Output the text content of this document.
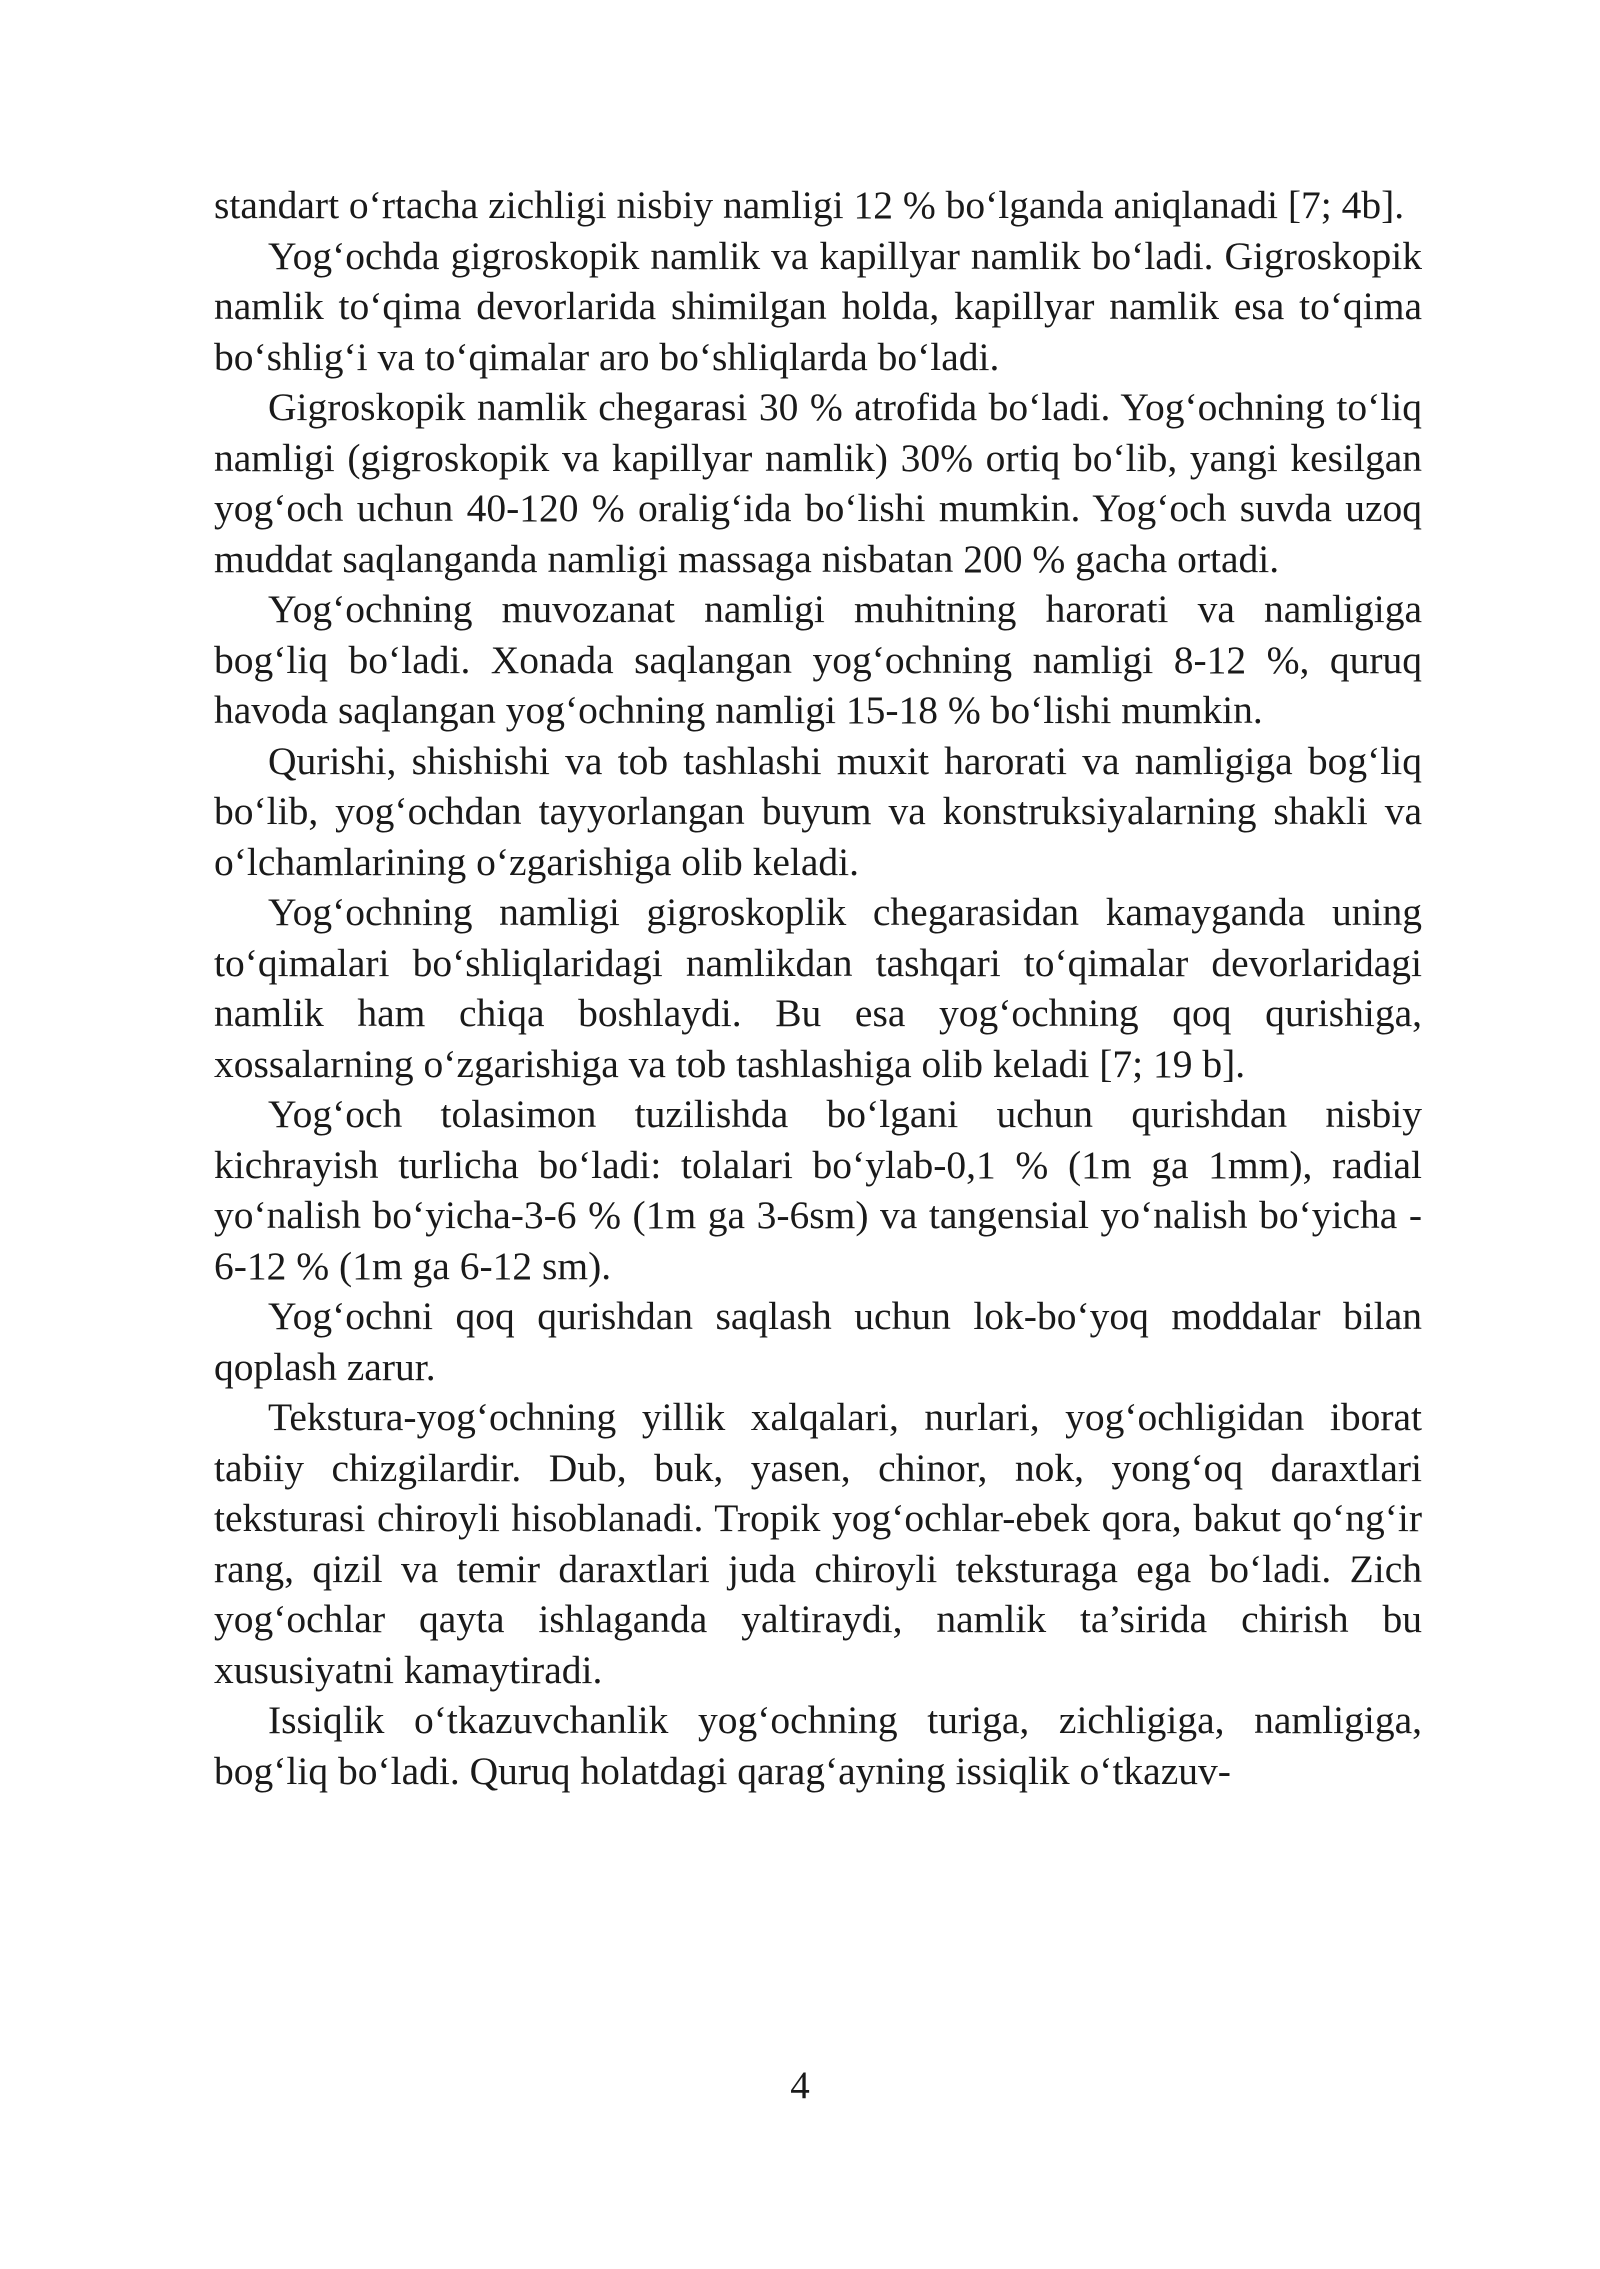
standart o‘rtacha zichligi nisbiy namligi 12 % bo‘lganda aniqlanadi [7; 4b].

Yog‘ochda gigroskopik namlik va kapillyar namlik bo‘ladi. Gigroskopik namlik to‘qima devorlarida shimilgan holda, kapillyar namlik esa to‘qima bo‘shlig‘i va to‘qimalar aro bo‘shliqlarda bo‘ladi.

Gigroskopik namlik chegarasi 30 % atrofida bo‘ladi. Yog‘ochning to‘liq namligi (gigroskopik va kapillyar namlik) 30% ortiq bo‘lib, yangi kesilgan yog‘och uchun 40-120 % oralig‘ida bo‘lishi mumkin. Yog‘och suvda uzoq muddat saqlanganda namligi massaga nisbatan 200 % gacha ortadi.

Yog‘ochning muvozanat namligi muhitning harorati va namligiga bog‘liq bo‘ladi. Xonada saqlangan yog‘ochning namligi 8-12 %, quruq havoda saqlangan yog‘ochning namligi 15-18 % bo‘lishi mumkin.

Qurishi, shishishi va tob tashlashi muxit harorati va namligiga bog‘liq bo‘lib, yog‘ochdan tayyorlangan buyum va konstruksiyalarning shakli va o‘lchamlarining o‘zgarishiga olib keladi.

Yog‘ochning namligi gigroskoplik chegarasidan kamayganda uning to‘qimalari bo‘shliqlaridagi namlikdan tashqari to‘qimalar devorlaridagi namlik ham chiqa boshlaydi. Bu esa yog‘ochning qoq qurishiga, xossalarning o‘zgarishiga va tob tashlashiga olib keladi [7; 19 b].

Yog‘och tolasimon tuzilishda bo‘lgani uchun qurishdan nisbiy kichrayish turlicha bo‘ladi: tolalari bo‘ylab-0,1 % (1m ga 1mm), radial yo‘nalish bo‘yicha-3-6 % (1m ga 3-6sm) va tangensial yo‘nalish bo‘yicha - 6-12 % (1m ga 6-12 sm).

Yog‘ochni qoq qurishdan saqlash uchun lok-bo‘yoq moddalar bilan qoplash zarur.

Tekstura-yog‘ochning yillik xalqalari, nurlari, yog‘ochligidan iborat tabiiy chizgilardir. Dub, buk, yasen, chinor, nok, yong‘oq daraxtlari teksturasi chiroyli hisoblanadi. Tropik yog‘ochlar-ebek qora, bakut qo‘ng‘ir rang, qizil va temir daraxtlari juda chiroyli teksturaga ega bo‘ladi. Zich yog‘ochlar qayta ishlaganda yaltiraydi, namlik ta’sirida chirish bu xususiyatni kamaytiradi.

Issiqlik o‘tkazuvchanlik yog‘ochning turiga, zichligiga, namligiga, bog‘liq bo‘ladi. Quruq holatdagi qarag‘ayning issiqlik o‘tkazuv-

4
